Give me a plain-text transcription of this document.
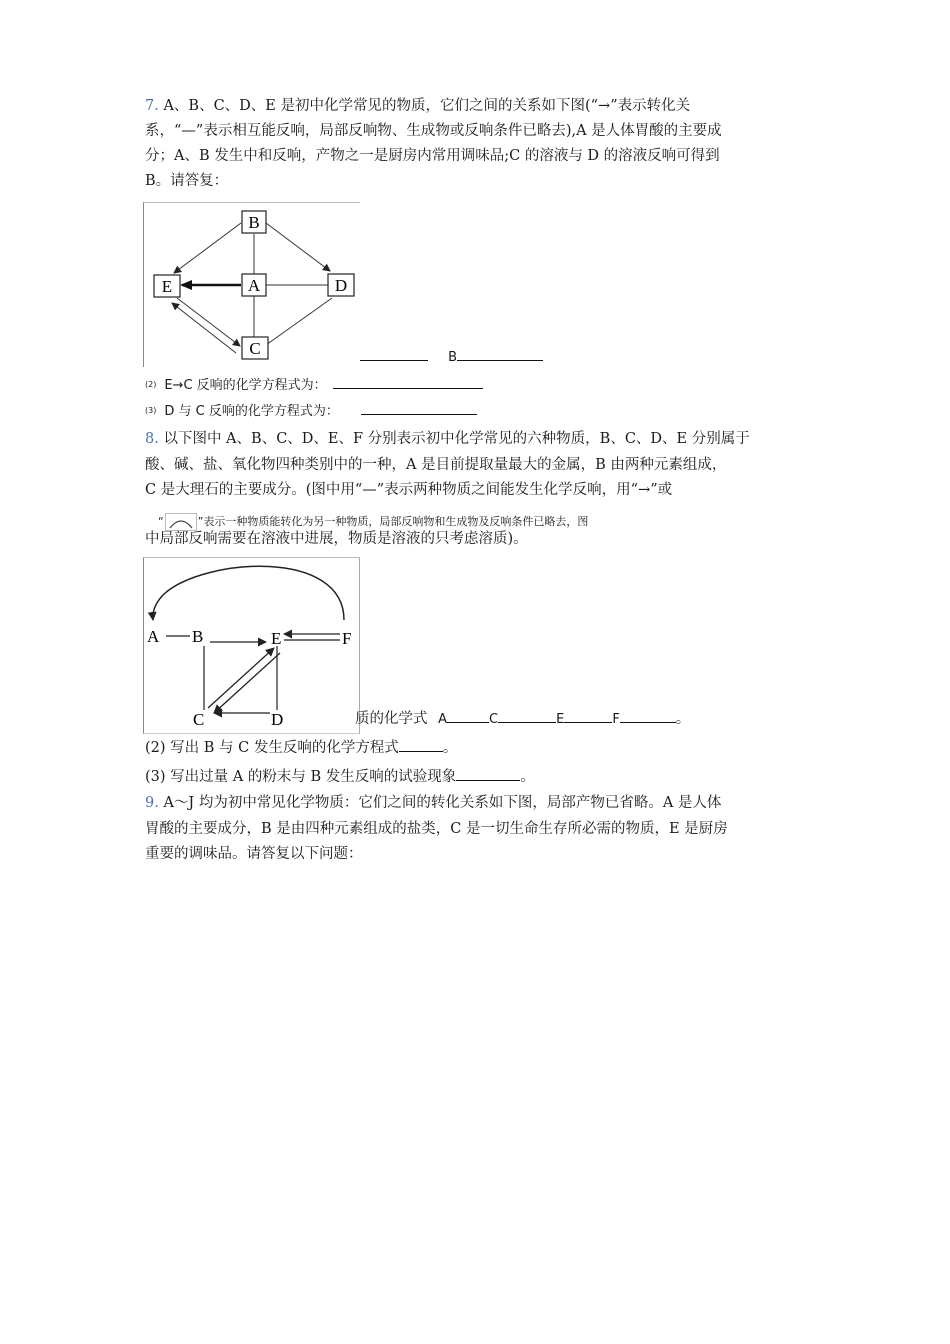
7. A、B、C、D、E 是初中化学常见的物质，它们之间的关系如下图(“→”表示转化关
系，“—”表示相互能反响，局部反响物、生成物或反响条件已略去),A 是人体胃酸的主要成
分；A、B 发生中和反响，产物之一是厨房内常用调味品;C 的溶液与 D 的溶液反响可得到
B。请答复：
B
E	A	D
C	B
$^{(2)}$ E→C 反响的化学方程式为：
$^{(3)}$ D 与 C 反响的化学方程式为：
8. 以下图中 A、B、C、D、E、F 分别表示初中化学常见的六种物质，B、C、D、E 分别属于
酸、碱、盐、氧化物四种类别中的一种，A 是目前提取量最大的金属，B 由两种元素组成，
C 是大理石的主要成分。(图中用“—”表示两种物质之间能发生化学反响，用“→”或
“	”表示一种物质能转化为另一种物质，局部反响物和生成物及反响条件已略去，图
中局部反响需要在溶液中进展，物质是溶液的只考虑溶质)。
A B	E	F
C	D	质的化学式 A	C	E	F	。
(2) 写出 B 与 C 发生反响的化学方程式	。
(3) 写出过量 A 的粉末与 B 发生反响的试验现象	。
9. A～J 均为初中常见化学物质：它们之间的转化关系如下图，局部产物已省略。A 是人体
胃酸的主要成分，B 是由四种元素组成的盐类，C 是一切生命生存所必需的物质，E 是厨房
重要的调味品。请答复以下问题：
